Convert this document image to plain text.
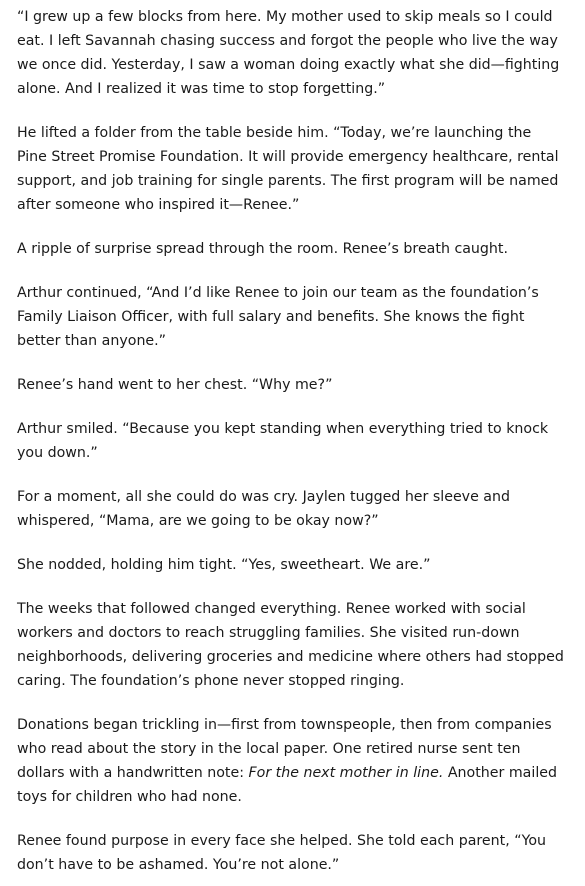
“I grew up a few blocks from here. My mother used to skip meals so I could eat. I left Savannah chasing success and forgot the people who live the way we once did. Yesterday, I saw a woman doing exactly what she did—fighting alone. And I realized it was time to stop forgetting.”

He lifted a folder from the table beside him. “Today, we’re launching the Pine Street Promise Foundation. It will provide emergency healthcare, rental support, and job training for single parents. The first program will be named after someone who inspired it—Renee.”

A ripple of surprise spread through the room. Renee’s breath caught.

Arthur continued, “And I’d like Renee to join our team as the foundation’s Family Liaison Officer, with full salary and benefits. She knows the fight better than anyone.”

Renee’s hand went to her chest. “Why me?”

Arthur smiled. “Because you kept standing when everything tried to knock you down.”

For a moment, all she could do was cry. Jaylen tugged her sleeve and whispered, “Mama, are we going to be okay now?”

She nodded, holding him tight. “Yes, sweetheart. We are.”

The weeks that followed changed everything. Renee worked with social workers and doctors to reach struggling families. She visited run-down neighborhoods, delivering groceries and medicine where others had stopped caring. The foundation’s phone never stopped ringing.

Donations began trickling in—first from townspeople, then from companies who read about the story in the local paper. One retired nurse sent ten dollars with a handwritten note: For the next mother in line. Another mailed toys for children who had none.

Renee found purpose in every face she helped. She told each parent, “You don’t have to be ashamed. You’re not alone.”
